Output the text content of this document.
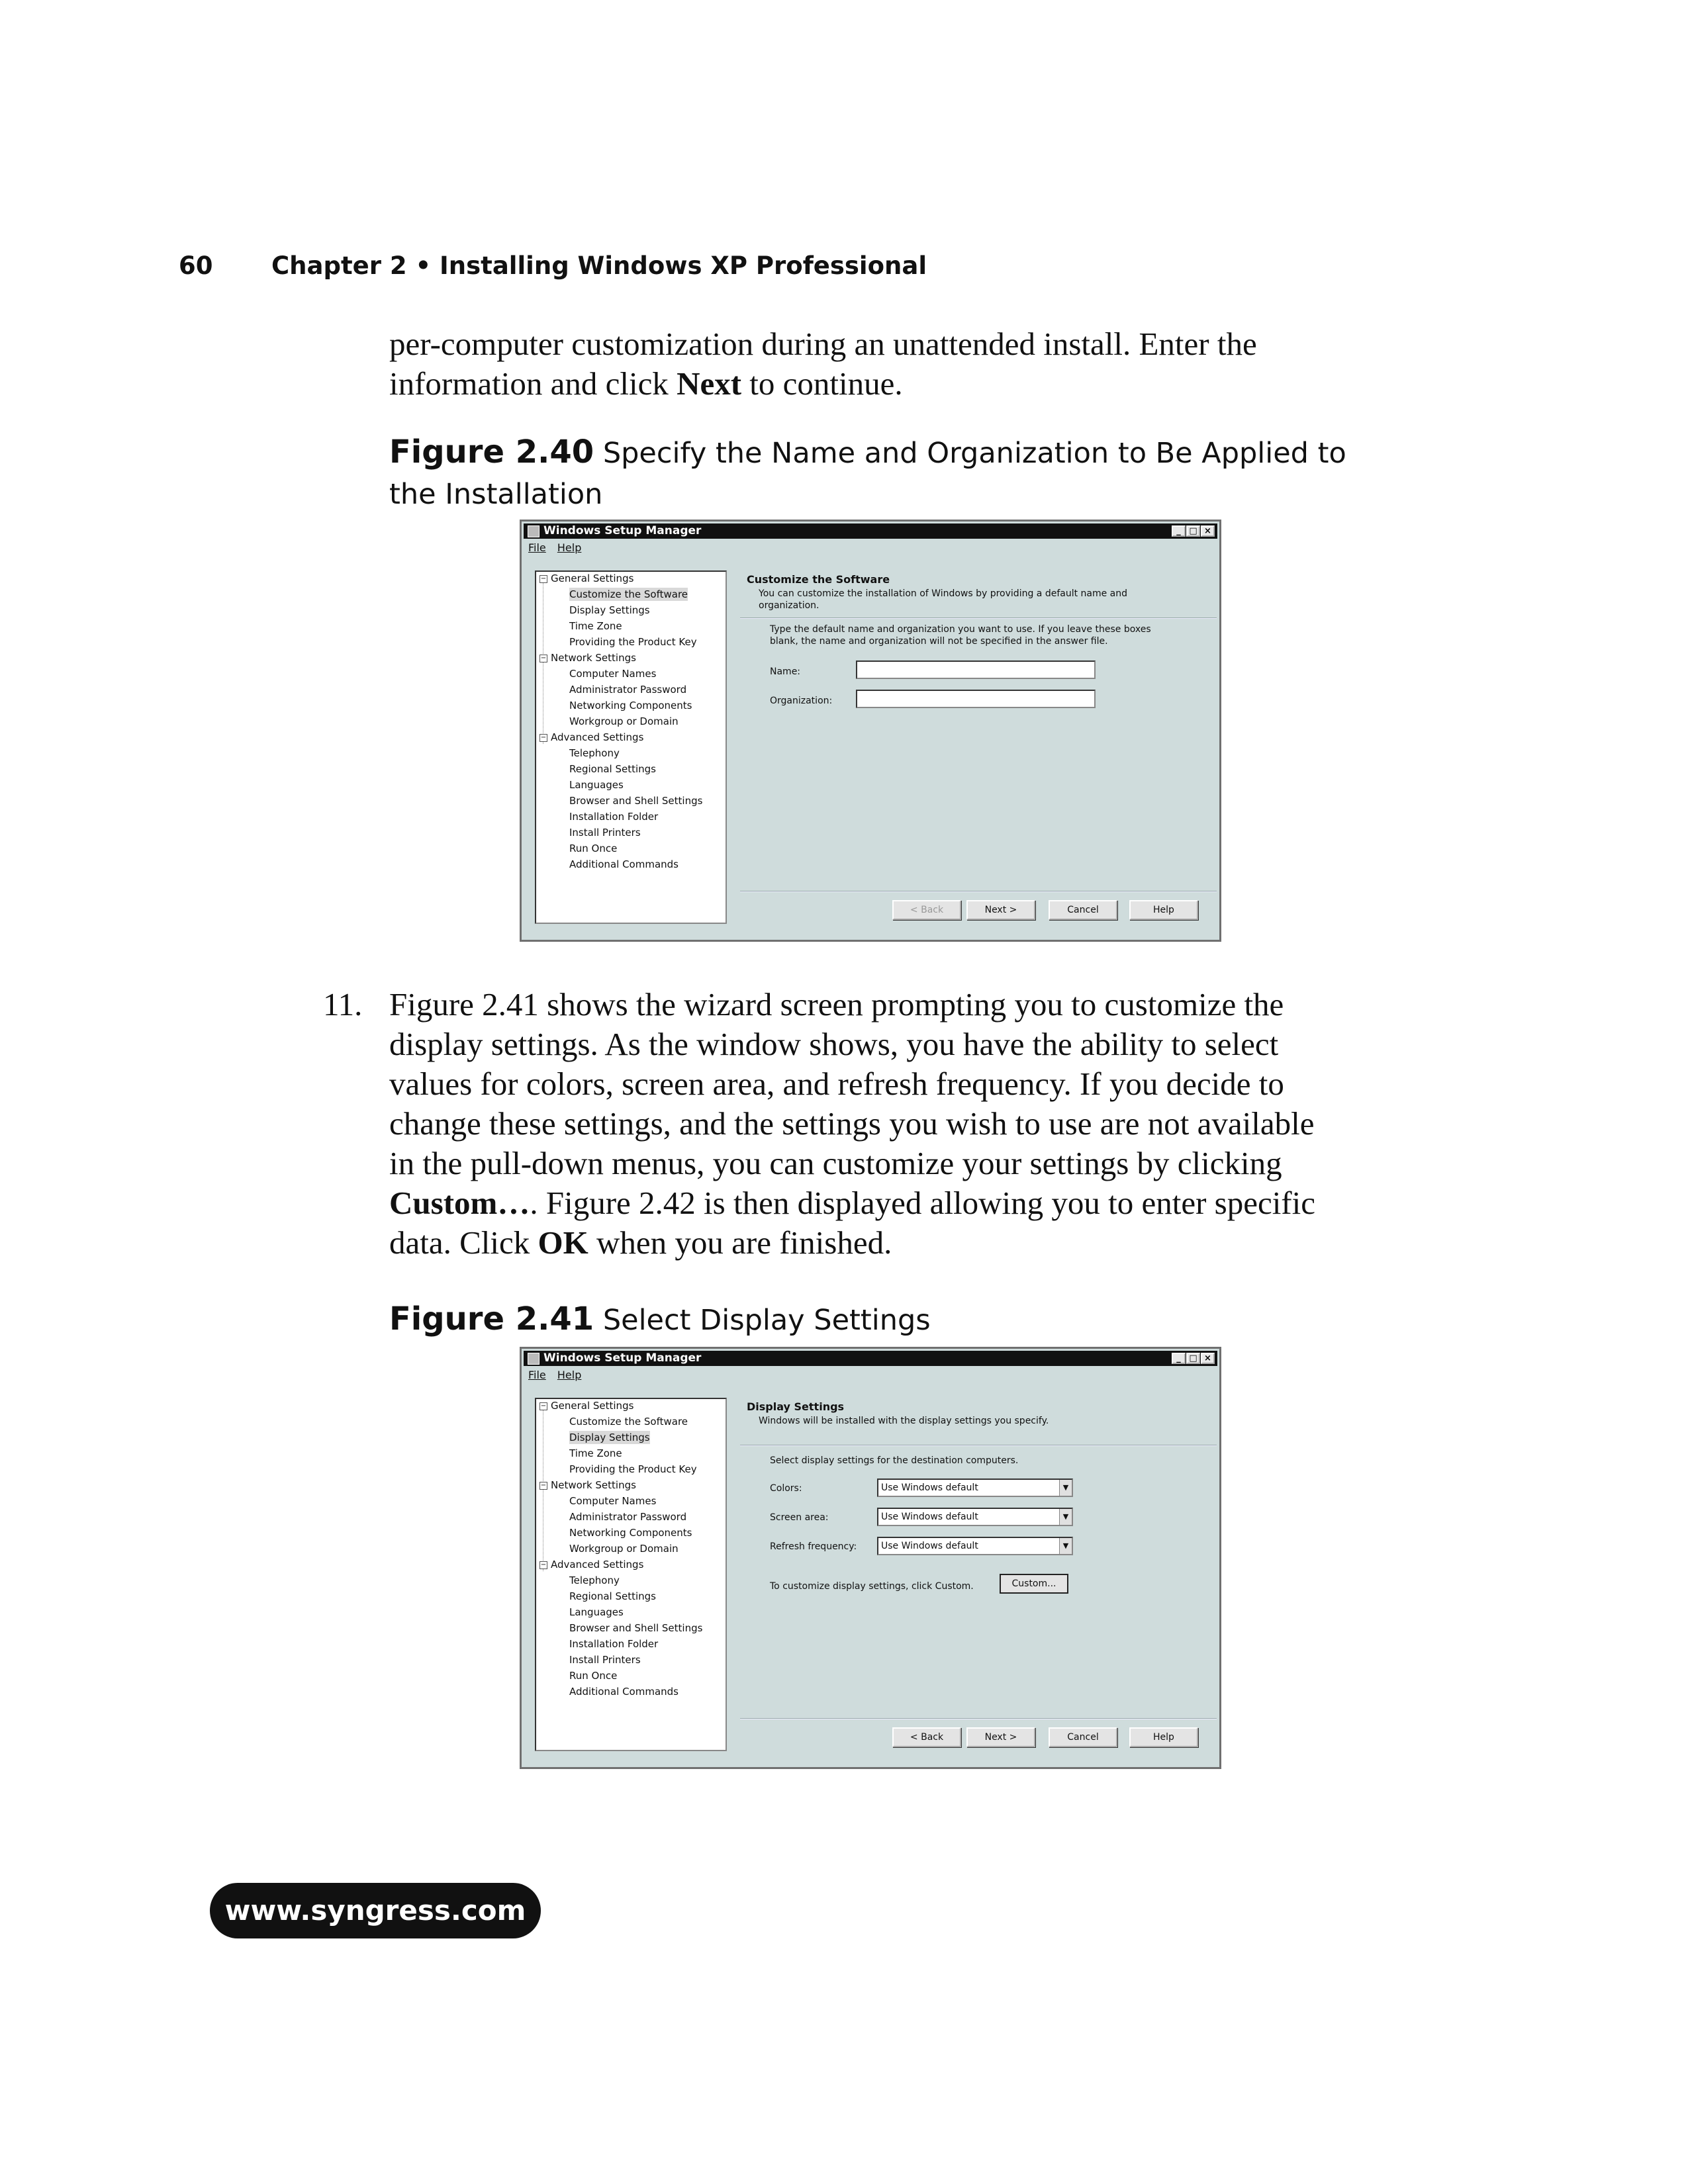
60 Chapter 2 • Installing Windows XP Professional
per-computer customization during an unattended install. Enter the
information and click Next to continue.
Figure 2.40 Specify the Name and Organization to Be Applied to
the Installation
Windows Setup Manager	_ □ ×
File Help
− General Settings
Customize the Software
Display Settings
Time Zone
Providing the Product Key
− Network Settings
Computer Names
Administrator Password
Networking Components
Workgroup or Domain
− Advanced Settings
Telephony
Regional Settings
Languages
Browser and Shell Settings
Installation Folder
Install Printers
Run Once
Additional Commands
Customize the Software
You can customize the installation of Windows by providing a default name and
organization.
Type the default name and organization you want to use. If you leave these boxes
blank, the name and organization will not be specified in the answer file.
Name:
Organization:
< Back	Next >	Cancel	Help
11. Figure 2.41 shows the wizard screen prompting you to customize the
display settings. As the window shows, you have the ability to select
values for colors, screen area, and refresh frequency. If you decide to
change these settings, and the settings you wish to use are not available
in the pull-down menus, you can customize your settings by clicking
Custom…. Figure 2.42 is then displayed allowing you to enter specific
data. Click OK when you are finished.
Figure 2.41 Select Display Settings
Windows Setup Manager	_ □ ×
File Help
− General Settings
Customize the Software
Display Settings
Time Zone
Providing the Product Key
− Network Settings
Computer Names
Administrator Password
Networking Components
Workgroup or Domain
− Advanced Settings
Telephony
Regional Settings
Languages
Browser and Shell Settings
Installation Folder
Install Printers
Run Once
Additional Commands
Display Settings
Windows will be installed with the display settings you specify.
Select display settings for the destination computers.
Colors:	Use Windows default	▼
Screen area:	Use Windows default	▼
Refresh frequency:	Use Windows default	▼
To customize display settings, click Custom.	Custom...
< Back	Next >	Cancel	Help
www.syngress.com
